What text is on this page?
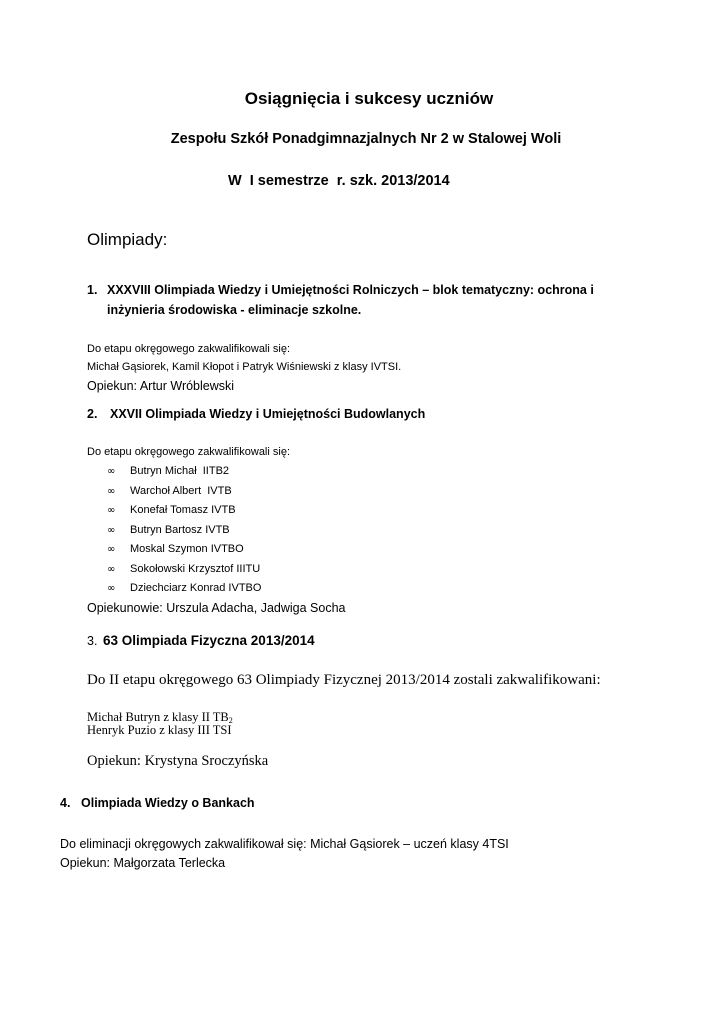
Osiągnięcia i sukcesy uczniów
Zespołu Szkół Ponadgimnazjalnych Nr 2 w Stalowej Woli
W  I semestrze  r. szk. 2013/2014
Olimpiady:
1. XXXVIII Olimpiada Wiedzy i Umiejętności Rolniczych – blok tematyczny: ochrona i
inżynieria środowiska - eliminacje szkolne.
Do etapu okręgowego zakwalifikowali się:
Michał Gąsiorek, Kamil Kłopot i Patryk Wiśniewski z klasy IVTSI.
Opiekun: Artur Wróblewski
2. XXVII Olimpiada Wiedzy i Umiejętności Budowlanych
Do etapu okręgowego zakwalifikowali się:
∞ Butryn Michał  IITB2
∞ Warchoł Albert  IVTB
∞ Konefał Tomasz IVTB
∞ Butryn Bartosz IVTB
∞ Moskal Szymon IVTBO
∞ Sokołowski Krzysztof IIITU
∞ Dziechciarz Konrad IVTBO
Opiekunowie: Urszula Adacha, Jadwiga Socha
3. 63 Olimpiada Fizyczna 2013/2014
Do II etapu okręgowego 63 Olimpiady Fizycznej 2013/2014 zostali zakwalifikowani:
Michał Butryn z klasy II $TB_2$
Henryk Puzio z klasy III TSI
Opiekun: Krystyna Sroczyńska
4. Olimpiada Wiedzy o Bankach
Do eliminacji okręgowych zakwalifikował się: Michał Gąsiorek – uczeń klasy 4TSI
Opiekun: Małgorzata Terlecka
